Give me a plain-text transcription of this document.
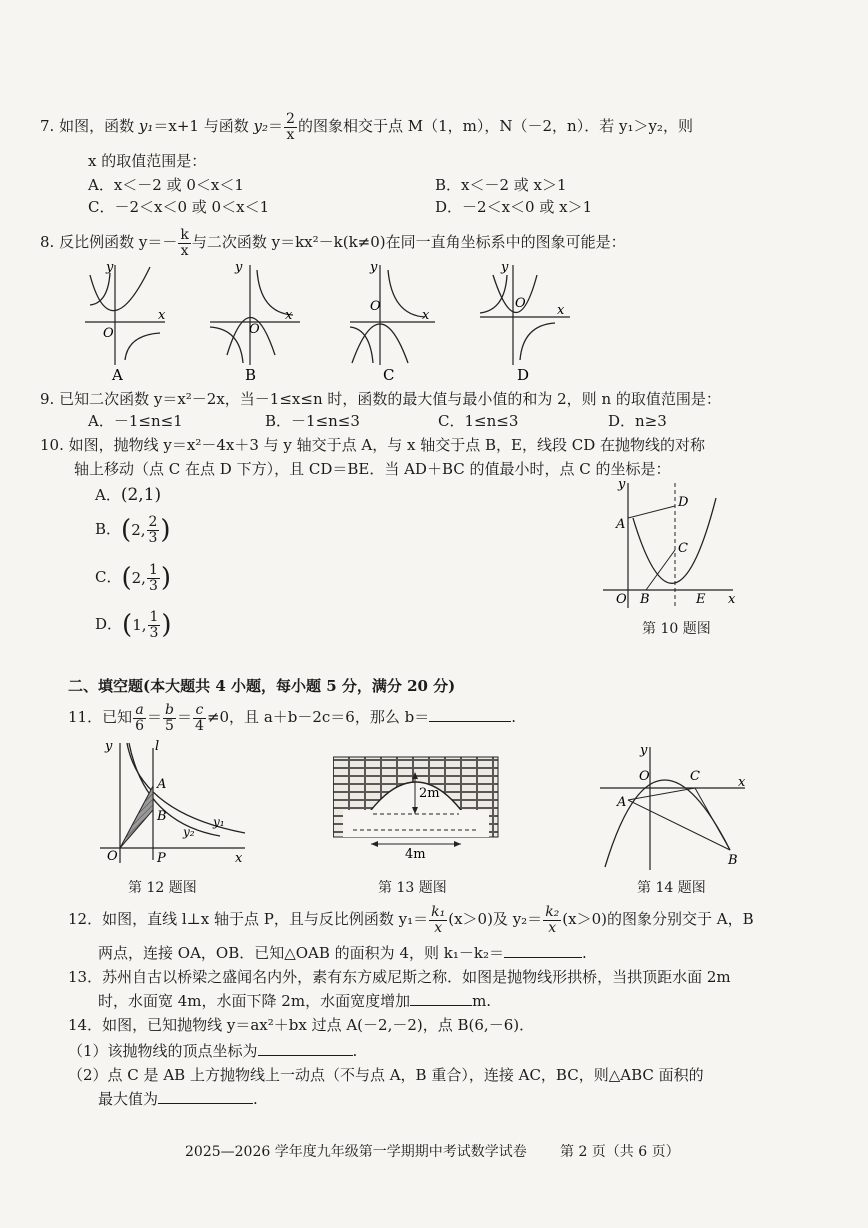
7. 如图，函数 y₁＝x+1 与函数 $y_2= \frac{2}{x}$ 的图象相交于点 M（1，m），N（－2，n）．若 y₁＞y₂，则
x 的取值范围是：
A．x＜－2 或 0＜x＜1	B．x＜－2 或 x＞1
C．－2＜x＜0 或 0＜x＜1	D．－2＜x＜0 或 x＞1
8. 反比例函数 $y=- \frac{k}{x}$ 与二次函数 y＝kx²－k(k≠0)在同一直角坐标系中的图象可能是：
y
x
O
A
y
x
O
B
y
x
O
C
y
x
O
D
9. 已知二次函数 y＝x²－2x，当－1≤x≤n 时，函数的最大值与最小值的和为 2，则 n 的取值范围是：
A．－1≤n≤1	B．－1≤n≤3	C．1≤n≤3	D．n≥3
10. 如图，抛物线 y＝x²－4x＋3 与 y 轴交于点 A，与 x 轴交于点 B，E，线段 CD 在抛物线的对称
轴上移动（点 C 在点 D 下方），且 CD＝BE．当 AD＋BC 的值最小时，点 C 的坐标是：
A．(2,1)
B．(2, $\frac{2}{3}$ )
C．(2, $\frac{1}{3}$ )
D．(1, $\frac{1}{3}$ )
y
x
O
A
B
C
D
E
第 10 题图
二、填空题(本大题共 4 小题，每小题 5 分，满分 20 分)
11．已知 $\frac{a}{6} = \frac{b}{5} = \frac{c}{4} \ne 0$，且 a＋b－2c＝6，那么 b＝	.
y	l
A
B
O	P	x
y₁
y₂
第 12 题图
2m
4m
第 13 题图
y
O	C
A
x
B
第 14 题图
12．如图，直线 l⊥x 轴于点 P，且与反比例函数 $y_1= \frac{\text{k₁}}{x} (x>0)$及 $y_2= \frac{\text{k₂}}{x} (x>0)$的图象分别交于 A，B
两点，连接 OA，OB．已知△OAB 的面积为 4，则 k₁－k₂＝	.
13．苏州自古以桥梁之盛闻名内外，素有东方威尼斯之称．如图是抛物线形拱桥，当拱顶距水面 2m
时，水面宽 4m，水面下降 2m，水面宽度增加	m.
14．如图，已知抛物线 y＝ax²＋bx 过点 A(－2,－2)，点 B(6,－6)．
（1）该抛物线的顶点坐标为	.
（2）点 C 是 AB 上方抛物线上一动点（不与点 A，B 重合），连接 AC，BC，则△ABC 面积的
最大值为	.
2025—2026 学年度九年级第一学期期中考试数学试卷 第 2 页（共 6 页）
